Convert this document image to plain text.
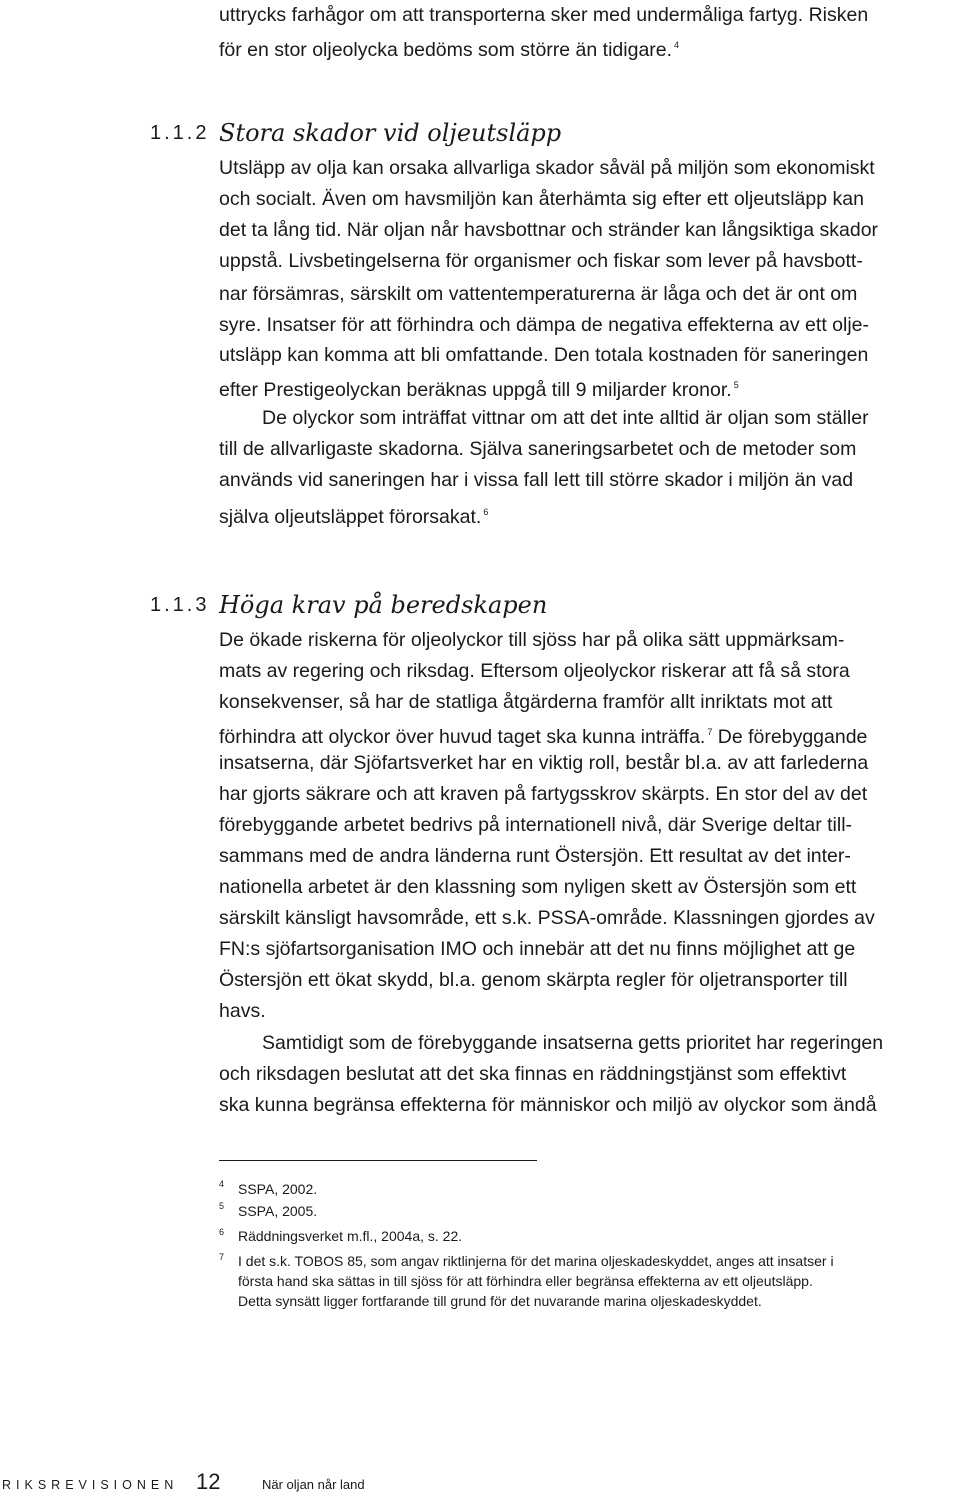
uttrycks farhågor om att transporterna sker med undermåliga fartyg. Risken
för en stor oljeolycka bedöms som större än tidigare. $^4$
1.1.2 Stora skador vid oljeutsläpp
Utsläpp av olja kan orsaka allvarliga skador såväl på miljön som ekonomiskt
och socialt. Även om havsmiljön kan återhämta sig efter ett oljeutsläpp kan
det ta lång tid. När oljan når havsbottnar och stränder kan långsiktiga skador
uppstå. Livsbetingelserna för organismer och fiskar som lever på havsbott-
nar försämras, särskilt om vattentemperaturerna är låga och det är ont om
syre. Insatser för att förhindra och dämpa de negativa effekterna av ett olje-
utsläpp kan komma att bli omfattande. Den totala kostnaden för saneringen
efter Prestigeolyckan beräknas uppgå till 9 miljarder kronor. $^5$
De olyckor som inträffat vittnar om att det inte alltid är oljan som ställer
till de allvarligaste skadorna. Själva saneringsarbetet och de metoder som
används vid saneringen har i vissa fall lett till större skador i miljön än vad
själva oljeutsläppet förorsakat. $^6$
1.1.3 Höga krav på beredskapen
De ökade riskerna för oljeolyckor till sjöss har på olika sätt uppmärksam-
mats av regering och riksdag. Eftersom oljeolyckor riskerar att få så stora
konsekvenser, så har de statliga åtgärderna framför allt inriktats mot att
förhindra att olyckor över huvud taget ska kunna inträffa. $^7$ De förebyggande
insatserna, där Sjöfartsverket har en viktig roll, består bl.a. av att farlederna
har gjorts säkrare och att kraven på fartygsskrov skärpts. En stor del av det
förebyggande arbetet bedrivs på internationell nivå, där Sverige deltar till-
sammans med de andra länderna runt Östersjön. Ett resultat av det inter-
nationella arbetet är den klassning som nyligen skett av Östersjön som ett
särskilt känsligt havsområde, ett s.k. PSSA-område. Klassningen gjordes av
FN:s sjöfartsorganisation IMO och innebär att det nu finns möjlighet att ge
Östersjön ett ökat skydd, bl.a. genom skärpta regler för oljetransporter till
havs.
Samtidigt som de förebyggande insatserna getts prioritet har regeringen
och riksdagen beslutat att det ska finnas en räddningstjänst som effektivt
ska kunna begränsa effekterna för människor och miljö av olyckor som ändå
4 SSPA, 2002.
5 SSPA, 2005.
6 Räddningsverket m.fl., 2004a, s. 22.
7 I det s.k. TOBOS 85, som angav riktlinjerna för det marina oljeskadeskyddet, anges att insatser i
första hand ska sättas in till sjöss för att förhindra eller begränsa effekterna av ett oljeutsläpp.
Detta synsätt ligger fortfarande till grund för det nuvarande marina oljeskadeskyddet.
RIKSREVISIONEN 12	När oljan når land
